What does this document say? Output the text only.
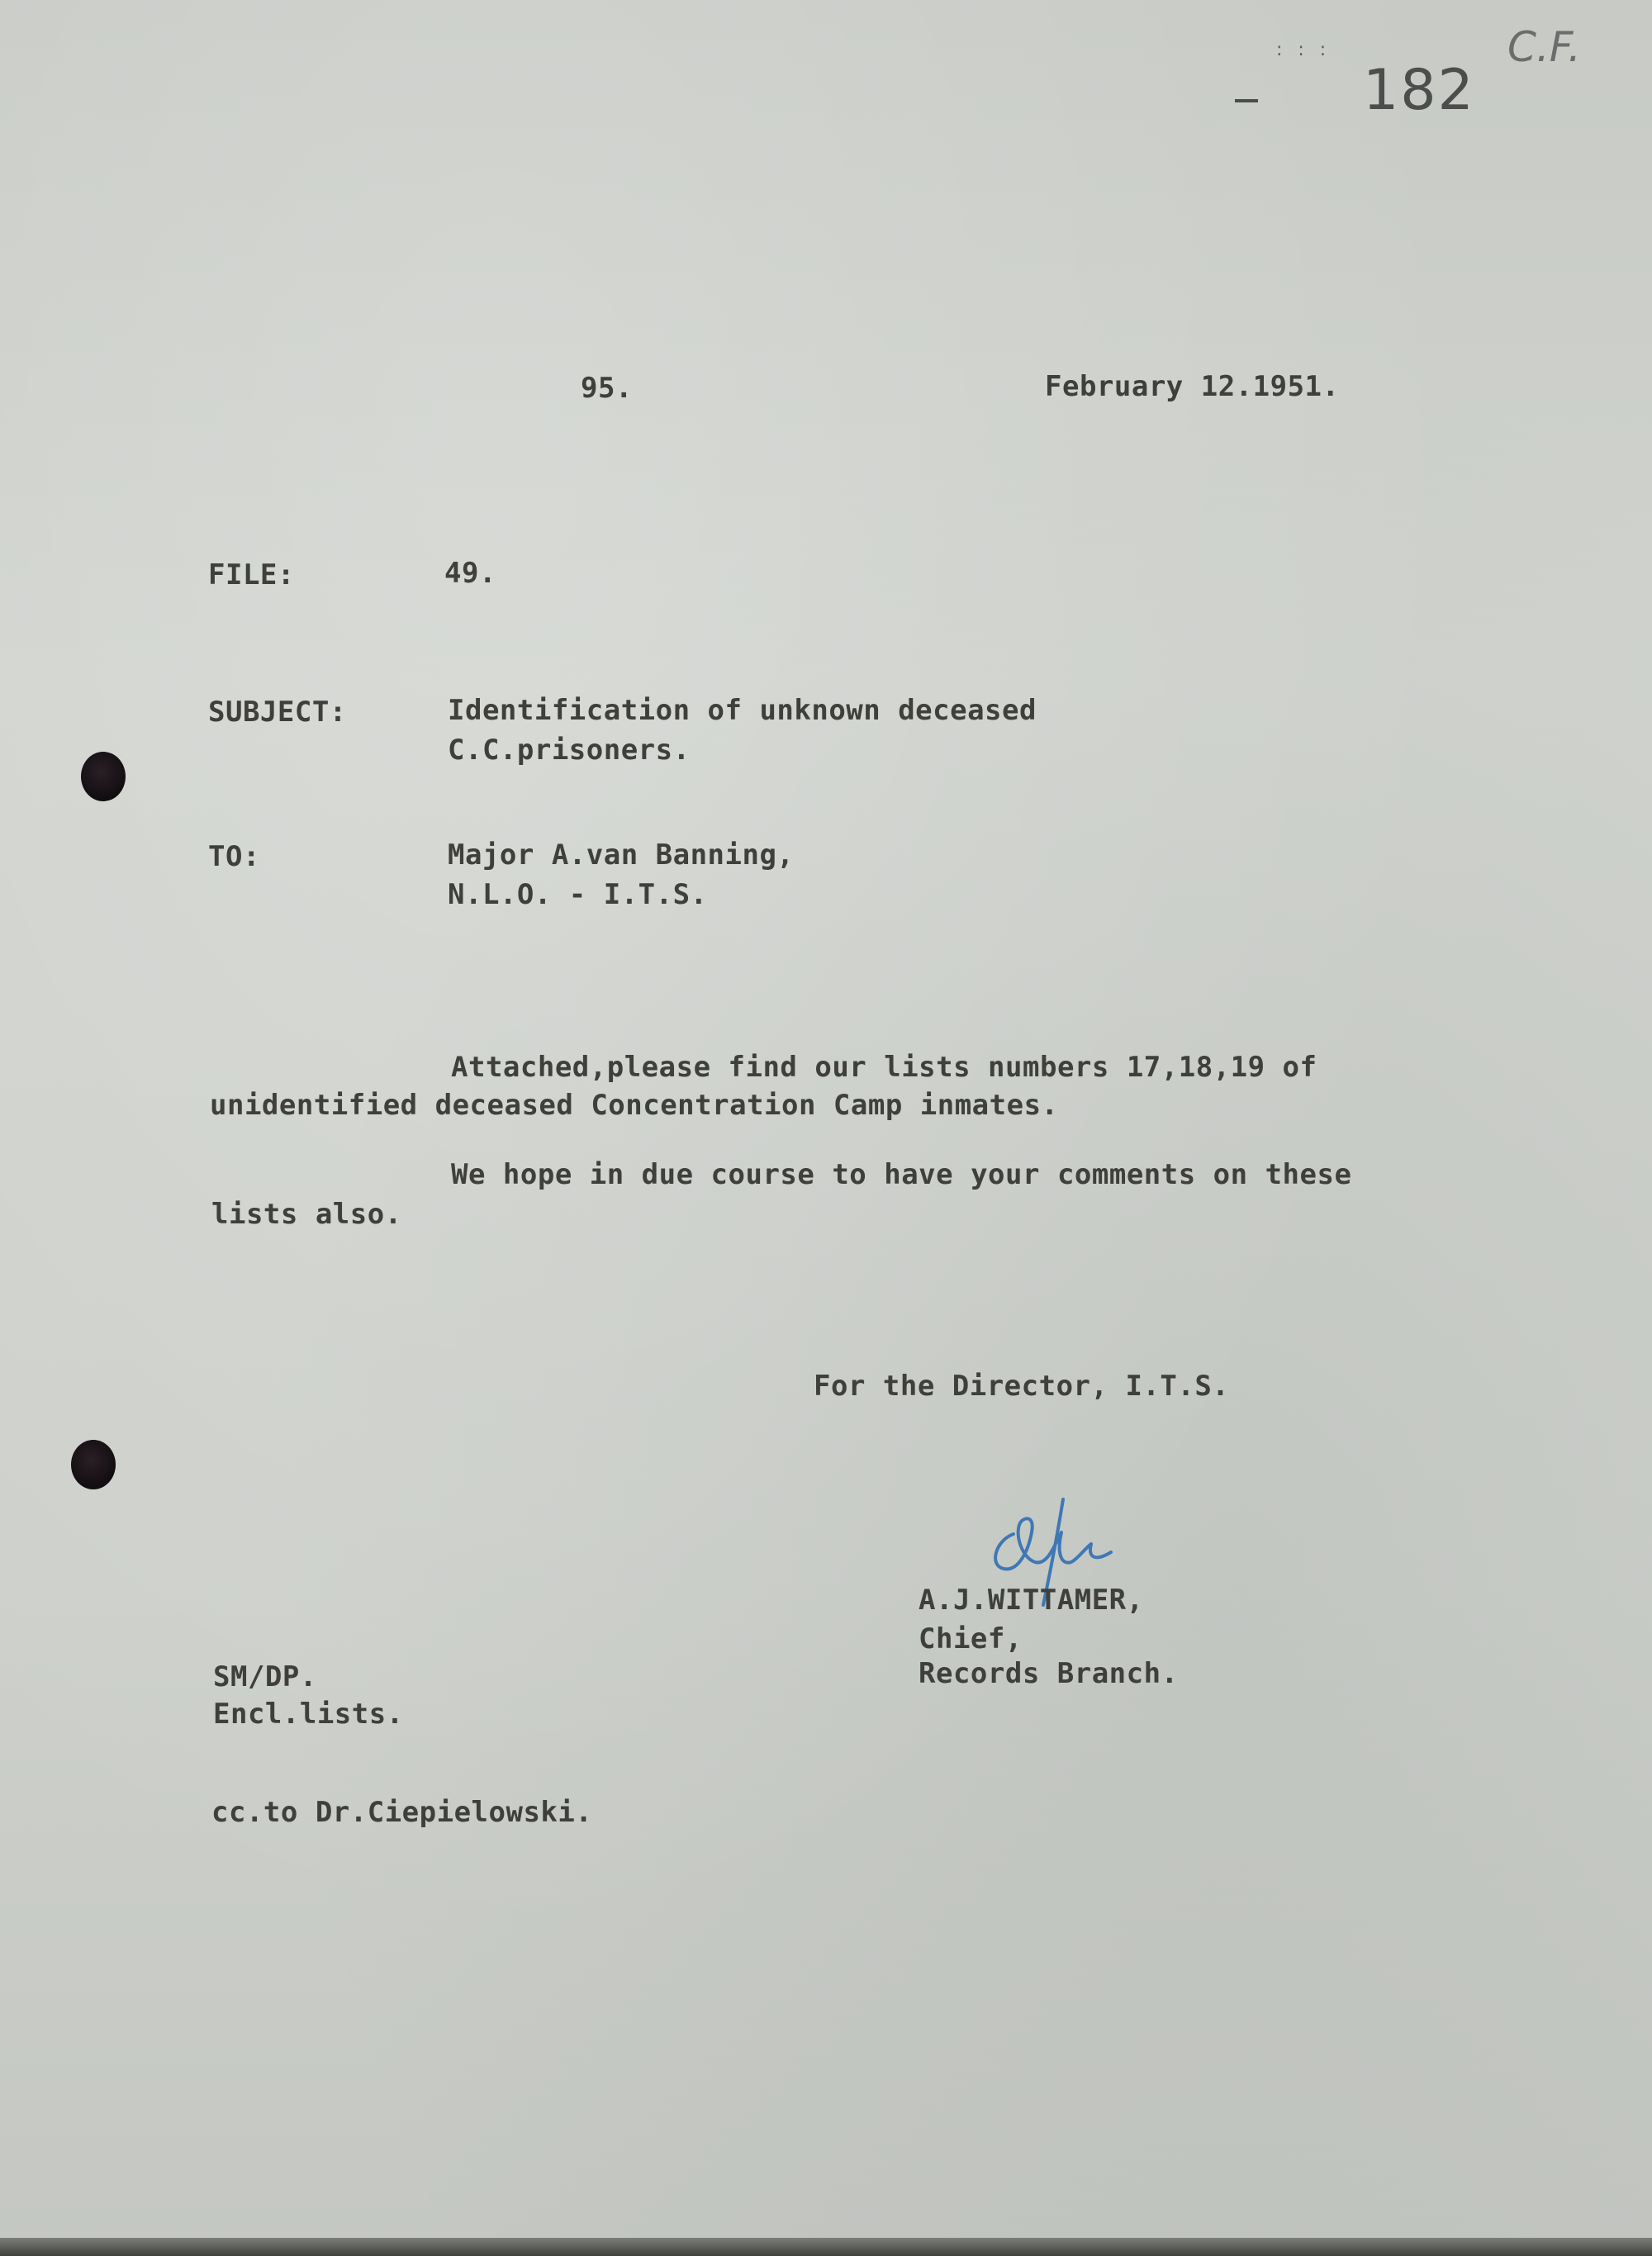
: : :
182
C.F.
95.	February 12.1951.
FILE:	49.
SUBJECT:	Identification of unknown deceased
C.C.prisoners.
TO:	Major A.van Banning,
N.L.O. - I.T.S.
Attached,please find our lists numbers 17,18,19 of
unidentified deceased Concentration Camp inmates.
We hope in due course to have your comments on these
lists also.
For the Director, I.T.S.
A.J.WITTAMER,
Chief,
Records Branch.
SM/DP.
Encl.lists.
cc.to Dr.Ciepielowski.
